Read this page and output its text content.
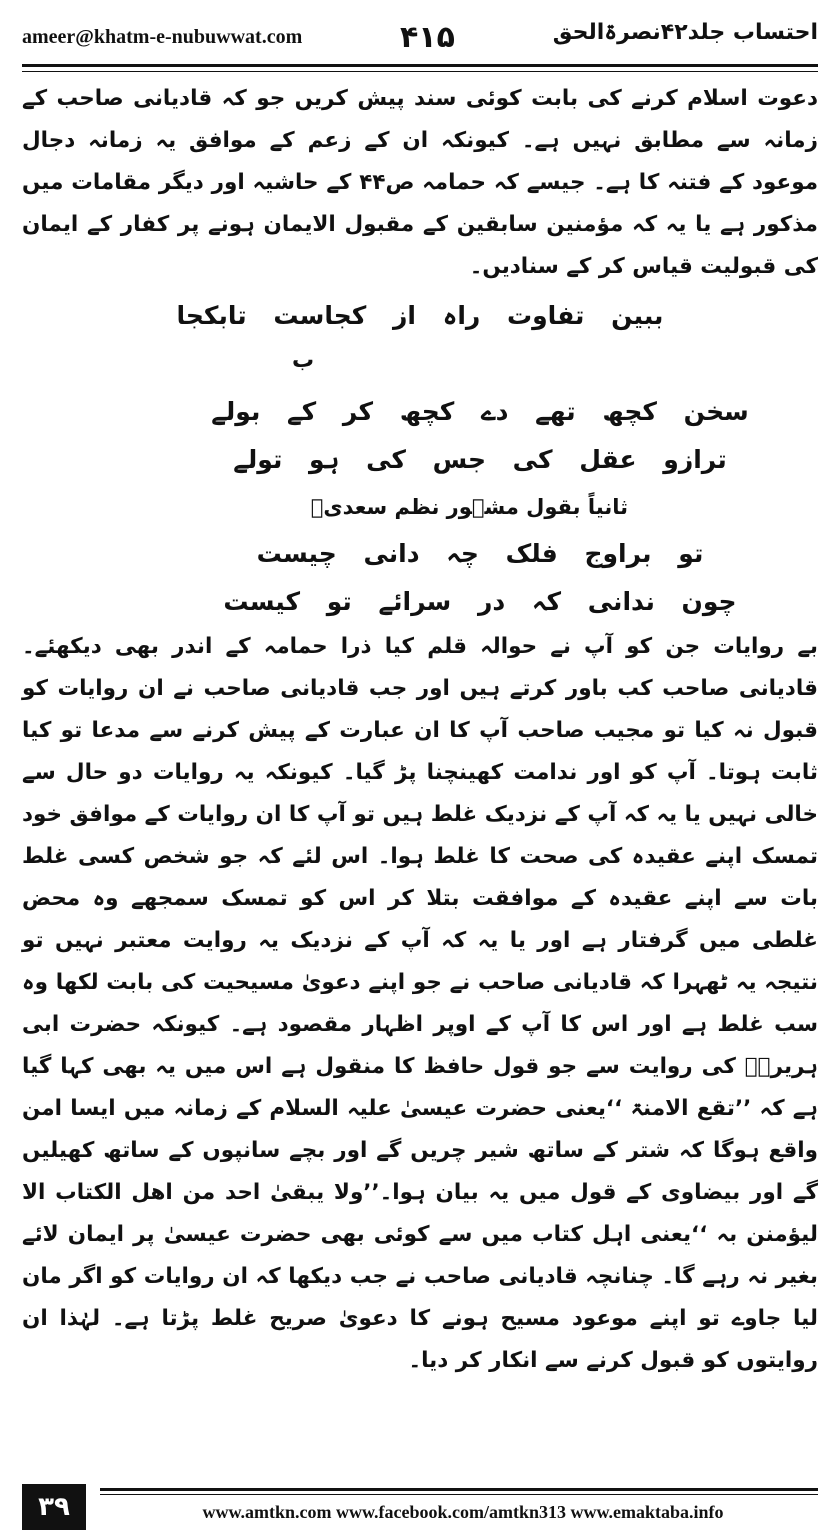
ameer@khatm-e-nubuwwat.com	۴۱۵	احتساب جلد۴۲نصرۃالحق

دعوت اسلام کرنے کی بابت کوئی سند پیش کریں جو کہ قادیانی صاحب کے زمانہ سے مطابق نہیں ہے۔ کیونکہ ان کے زعم کے موافق یہ زمانہ دجال موعود کے فتنہ کا ہے۔ جیسے کہ حمامہ ص۴۴ کے حاشیہ اور دیگر مقامات میں مذکور ہے یا یہ کہ مؤمنین سابقین کے مقبول الایمان ہونے پر کفار کے ایمان کی قبولیت قیاس کر کے سنادیں۔

ببین تفاوت راہ از کجاست تابکجا

ب

سخن کچھ تھے دے کچھ کر کے بولے

ترازو عقل کی جس کی ہو تولے

ثانیاً بقول مشہور نظم سعدیؒ

تو براوج فلک چہ دانی چیست

چون ندانی کہ در سرائے تو کیست

بے روایات جن کو آپ نے حوالہ قلم کیا ذرا حمامہ کے اندر بھی دیکھئے۔ قادیانی صاحب کب باور کرتے ہیں اور جب قادیانی صاحب نے ان روایات کو قبول نہ کیا تو مجیب صاحب آپ کا ان عبارت کے پیش کرنے سے مدعا تو کیا ثابت ہوتا۔ آپ کو اور ندامت کھینچنا پڑ گیا۔ کیونکہ یہ روایات دو حال سے خالی نہیں یا یہ کہ آپ کے نزدیک غلط ہیں تو آپ کا ان روایات کے موافق خود تمسک اپنے عقیدہ کی صحت کا غلط ہوا۔ اس لئے کہ جو شخص کسی غلط بات سے اپنے عقیدہ کے موافقت بتلا کر اس کو تمسک سمجھے وہ محض غلطی میں گرفتار ہے اور یا یہ کہ آپ کے نزدیک یہ روایت معتبر نہیں تو نتیجہ یہ ٹھہرا کہ قادیانی صاحب نے جو اپنے دعویٰ مسیحیت کی بابت لکھا وہ سب غلط ہے اور اس کا آپ کے اوپر اظہار مقصود ہے۔ کیونکہ حضرت ابی ہریرہؓ کی روایت سے جو قول حافظ کا منقول ہے اس میں یہ بھی کہا گیا ہے کہ ’’تقع الامنۃ ‘‘یعنی حضرت عیسیٰ علیہ السلام کے زمانہ میں ایسا امن واقع ہوگا کہ شتر کے ساتھ شیر چریں گے اور بچے سانپوں کے ساتھ کھیلیں گے اور بیضاوی کے قول میں یہ بیان ہوا۔’’ولا یبقیٰ احد من اھل الکتاب الا لیؤمنن بہ ‘‘یعنی اہل کتاب میں سے کوئی بھی حضرت عیسیٰ پر ایمان لائے بغیر نہ رہے گا۔ چنانچہ قادیانی صاحب نے جب دیکھا کہ ان روایات کو اگر مان لیا جاوے تو اپنے موعود مسیح ہونے کا دعویٰ صریح غلط پڑتا ہے۔ لہٰذا ان روایتوں کو قبول کرنے سے انکار کر دیا۔

۳۹	www.amtkn.com www.facebook.com/amtkn313 www.emaktaba.info
